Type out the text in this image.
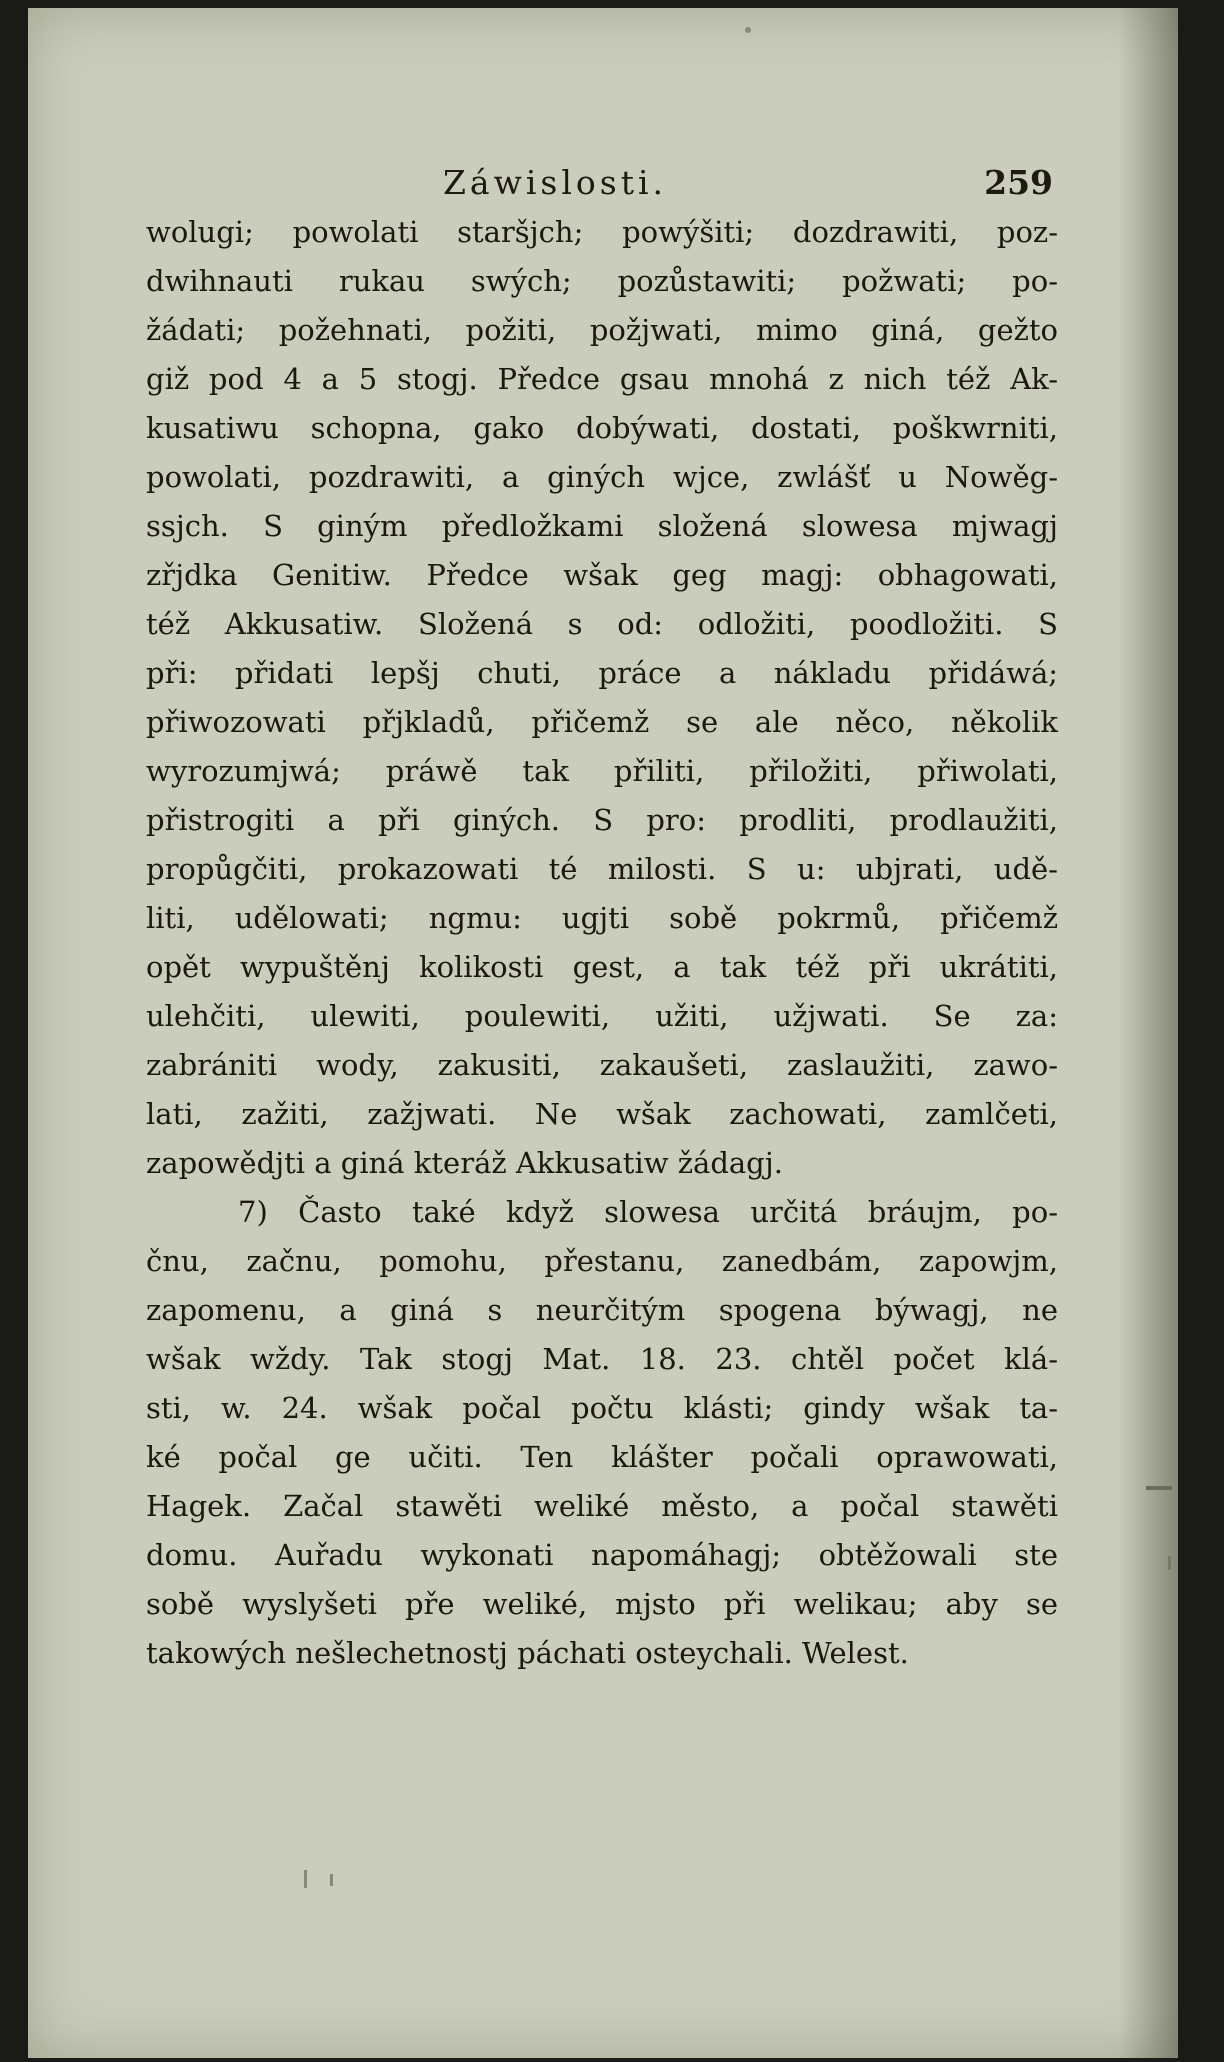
Záwislosti.	259
wolugi; powolati staršjch; powýšiti; dozdrawiti, poz-
dwihnauti rukau swých; pozůstawiti; požwati; po-
žádati; požehnati, požiti, požjwati, mimo giná, gežto
giž pod 4 a 5 stogj. Předce gsau mnohá z nich též Ak-
kusatiwu schopna, gako dobýwati, dostati, poškwrniti,
powolati, pozdrawiti, a giných wjce, zwlášť u Nowěg-
ssjch. S giným předložkami složená slowesa mjwagj
zřjdka Genitiw. Předce wšak geg magj: obhagowati,
též Akkusatiw. Složená s od: odložiti, poodložiti. S
při: přidati lepšj chuti, práce a nákladu přidáwá;
přiwozowati přjkladů, přičemž se ale něco, několik
wyrozumjwá; práwě tak přiliti, přiložiti, přiwolati,
přistrogiti a při giných. S pro: prodliti, prodlaužiti,
propůgčiti, prokazowati té milosti. S u: ubjrati, udě-
liti, udělowati; ngmu: ugjti sobě pokrmů, přičemž
opět wypuštěnj kolikosti gest, a tak též při ukrátiti,
ulehčiti, ulewiti, poulewiti, užiti, užjwati. Se za:
zabrániti wody, zakusiti, zakaušeti, zaslaužiti, zawo-
lati, zažiti, zažjwati. Ne wšak zachowati, zamlčeti,
zapowědjti a giná kteráž Akkusatiw žádagj.
7) Často také když slowesa určitá bráujm, po-
čnu, začnu, pomohu, přestanu, zanedbám, zapowjm,
zapomenu, a giná s neurčitým spogena býwagj, ne
wšak wždy. Tak stogj Mat. 18. 23. chtěl počet klá-
sti, w. 24. wšak počal počtu klásti; gindy wšak ta-
ké počal ge učiti. Ten klášter počali oprawowati,
Hagek. Začal stawěti weliké město, a počal stawěti
domu. Auřadu wykonati napomáhagj; obtěžowali ste
sobě wyslyšeti pře weliké, mjsto při welikau; aby se
takowých nešlechetnostj páchati osteychali. Welest.
